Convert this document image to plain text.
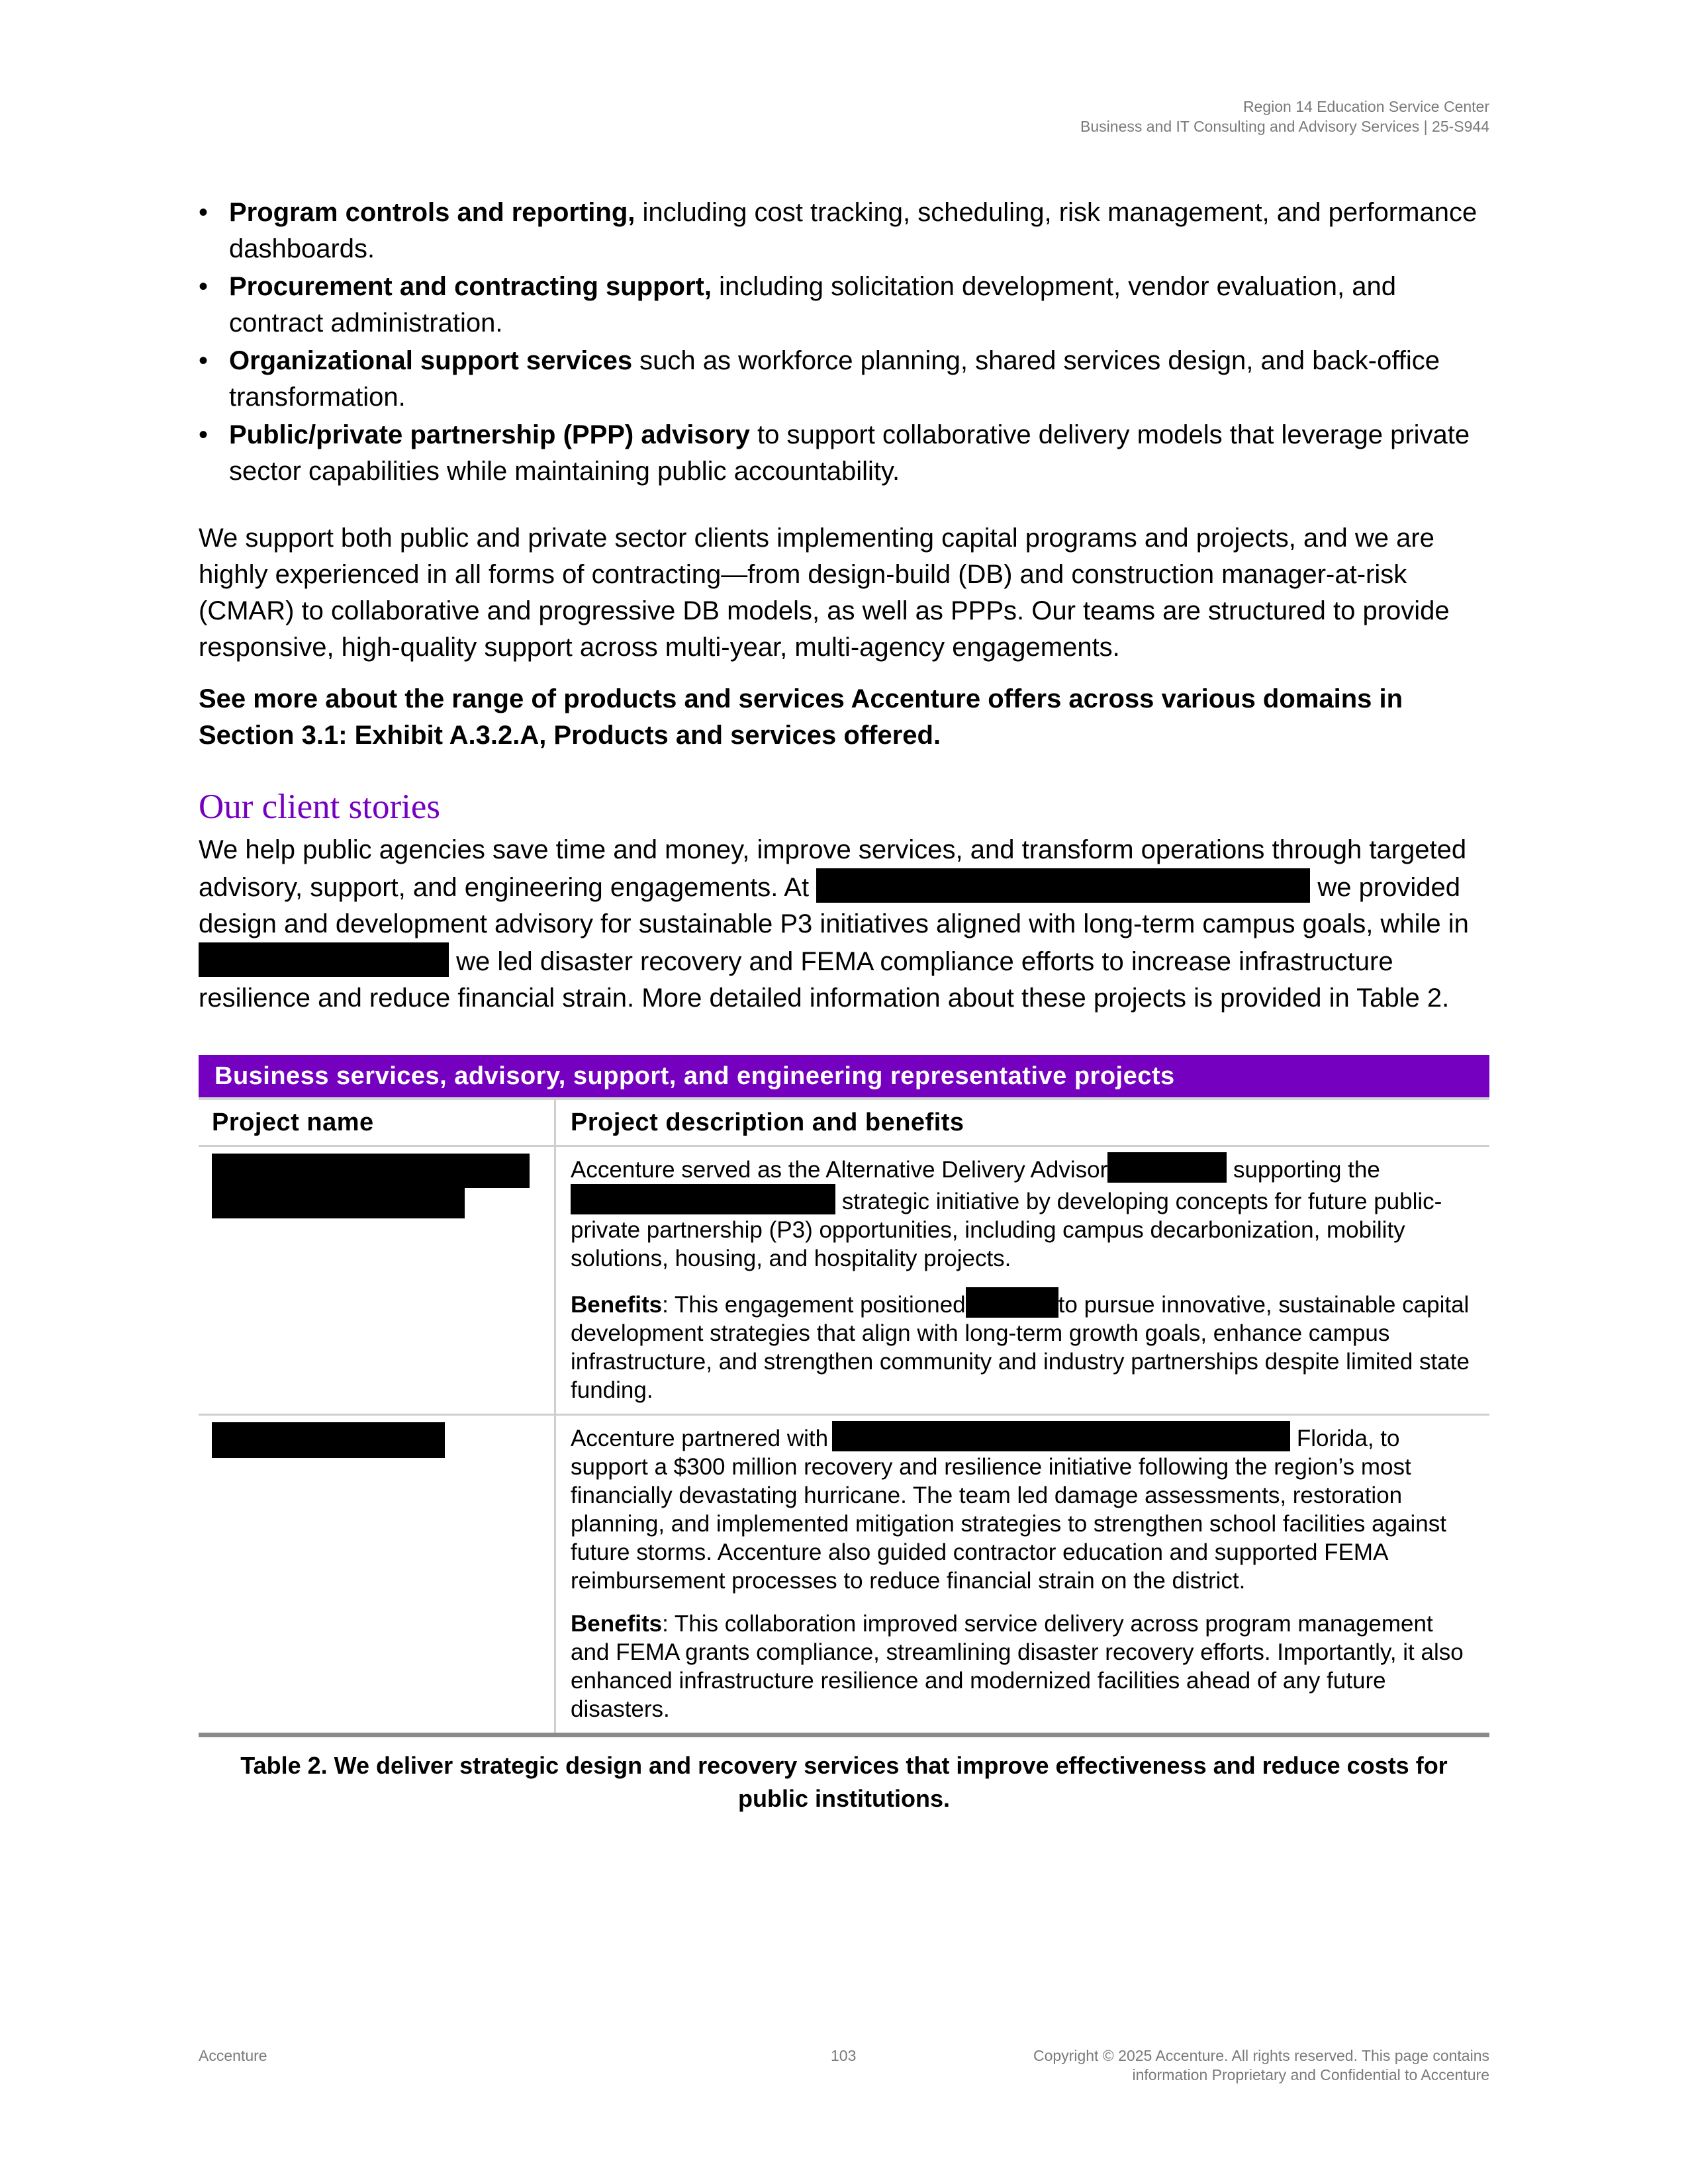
Region 14 Education Service Center
Business and IT Consulting and Advisory Services | 25-S944
• Program controls and reporting, including cost tracking, scheduling, risk management, and performance dashboards.
• Procurement and contracting support, including solicitation development, vendor evaluation, and contract administration.
• Organizational support services such as workforce planning, shared services design, and back-office transformation.
• Public/private partnership (PPP) advisory to support collaborative delivery models that leverage private sector capabilities while maintaining public accountability.

We support both public and private sector clients implementing capital programs and projects, and we are highly experienced in all forms of contracting—from design-build (DB) and construction manager-at-risk (CMAR) to collaborative and progressive DB models, as well as PPPs. Our teams are structured to provide responsive, high-quality support across multi-year, multi-agency engagements.

See more about the range of products and services Accenture offers across various domains in Section 3.1: Exhibit A.3.2.A, Products and services offered.

Our client stories

We help public agencies save time and money, improve services, and transform operations through targeted advisory, support, and engineering engagements. At	we provided design and development advisory for sustainable P3 initiatives aligned with long-term campus goals, while in  we led disaster recovery and FEMA compliance efforts to increase infrastructure resilience and reduce financial strain. More detailed information about these projects is provided in Table 2.

Business services, advisory, support, and engineering representative projects
Project name	Project description and benefits

Accenture served as the Alternative Delivery Advisor	supporting the
strategic initiative by developing concepts for future public-private partnership (P3) opportunities, including campus decarbonization, mobility solutions, housing, and hospitality projects.

Benefits: This engagement positioned	to pursue innovative, sustainable capital development strategies that align with long-term growth goals, enhance campus infrastructure, and strengthen community and industry partnerships despite limited state funding.

Accenture partnered with	Florida, to support a $300 million recovery and resilience initiative following the region’s most financially devastating hurricane. The team led damage assessments, restoration planning, and implemented mitigation strategies to strengthen school facilities against future storms. Accenture also guided contractor education and supported FEMA reimbursement processes to reduce financial strain on the district.

Benefits: This collaboration improved service delivery across program management and FEMA grants compliance, streamlining disaster recovery efforts. Importantly, it also enhanced infrastructure resilience and modernized facilities ahead of any future disasters.

Table 2. We deliver strategic design and recovery services that improve effectiveness and reduce costs for public institutions.
Accenture	103	Copyright © 2025 Accenture. All rights reserved. This page contains information Proprietary and Confidential to Accenture
